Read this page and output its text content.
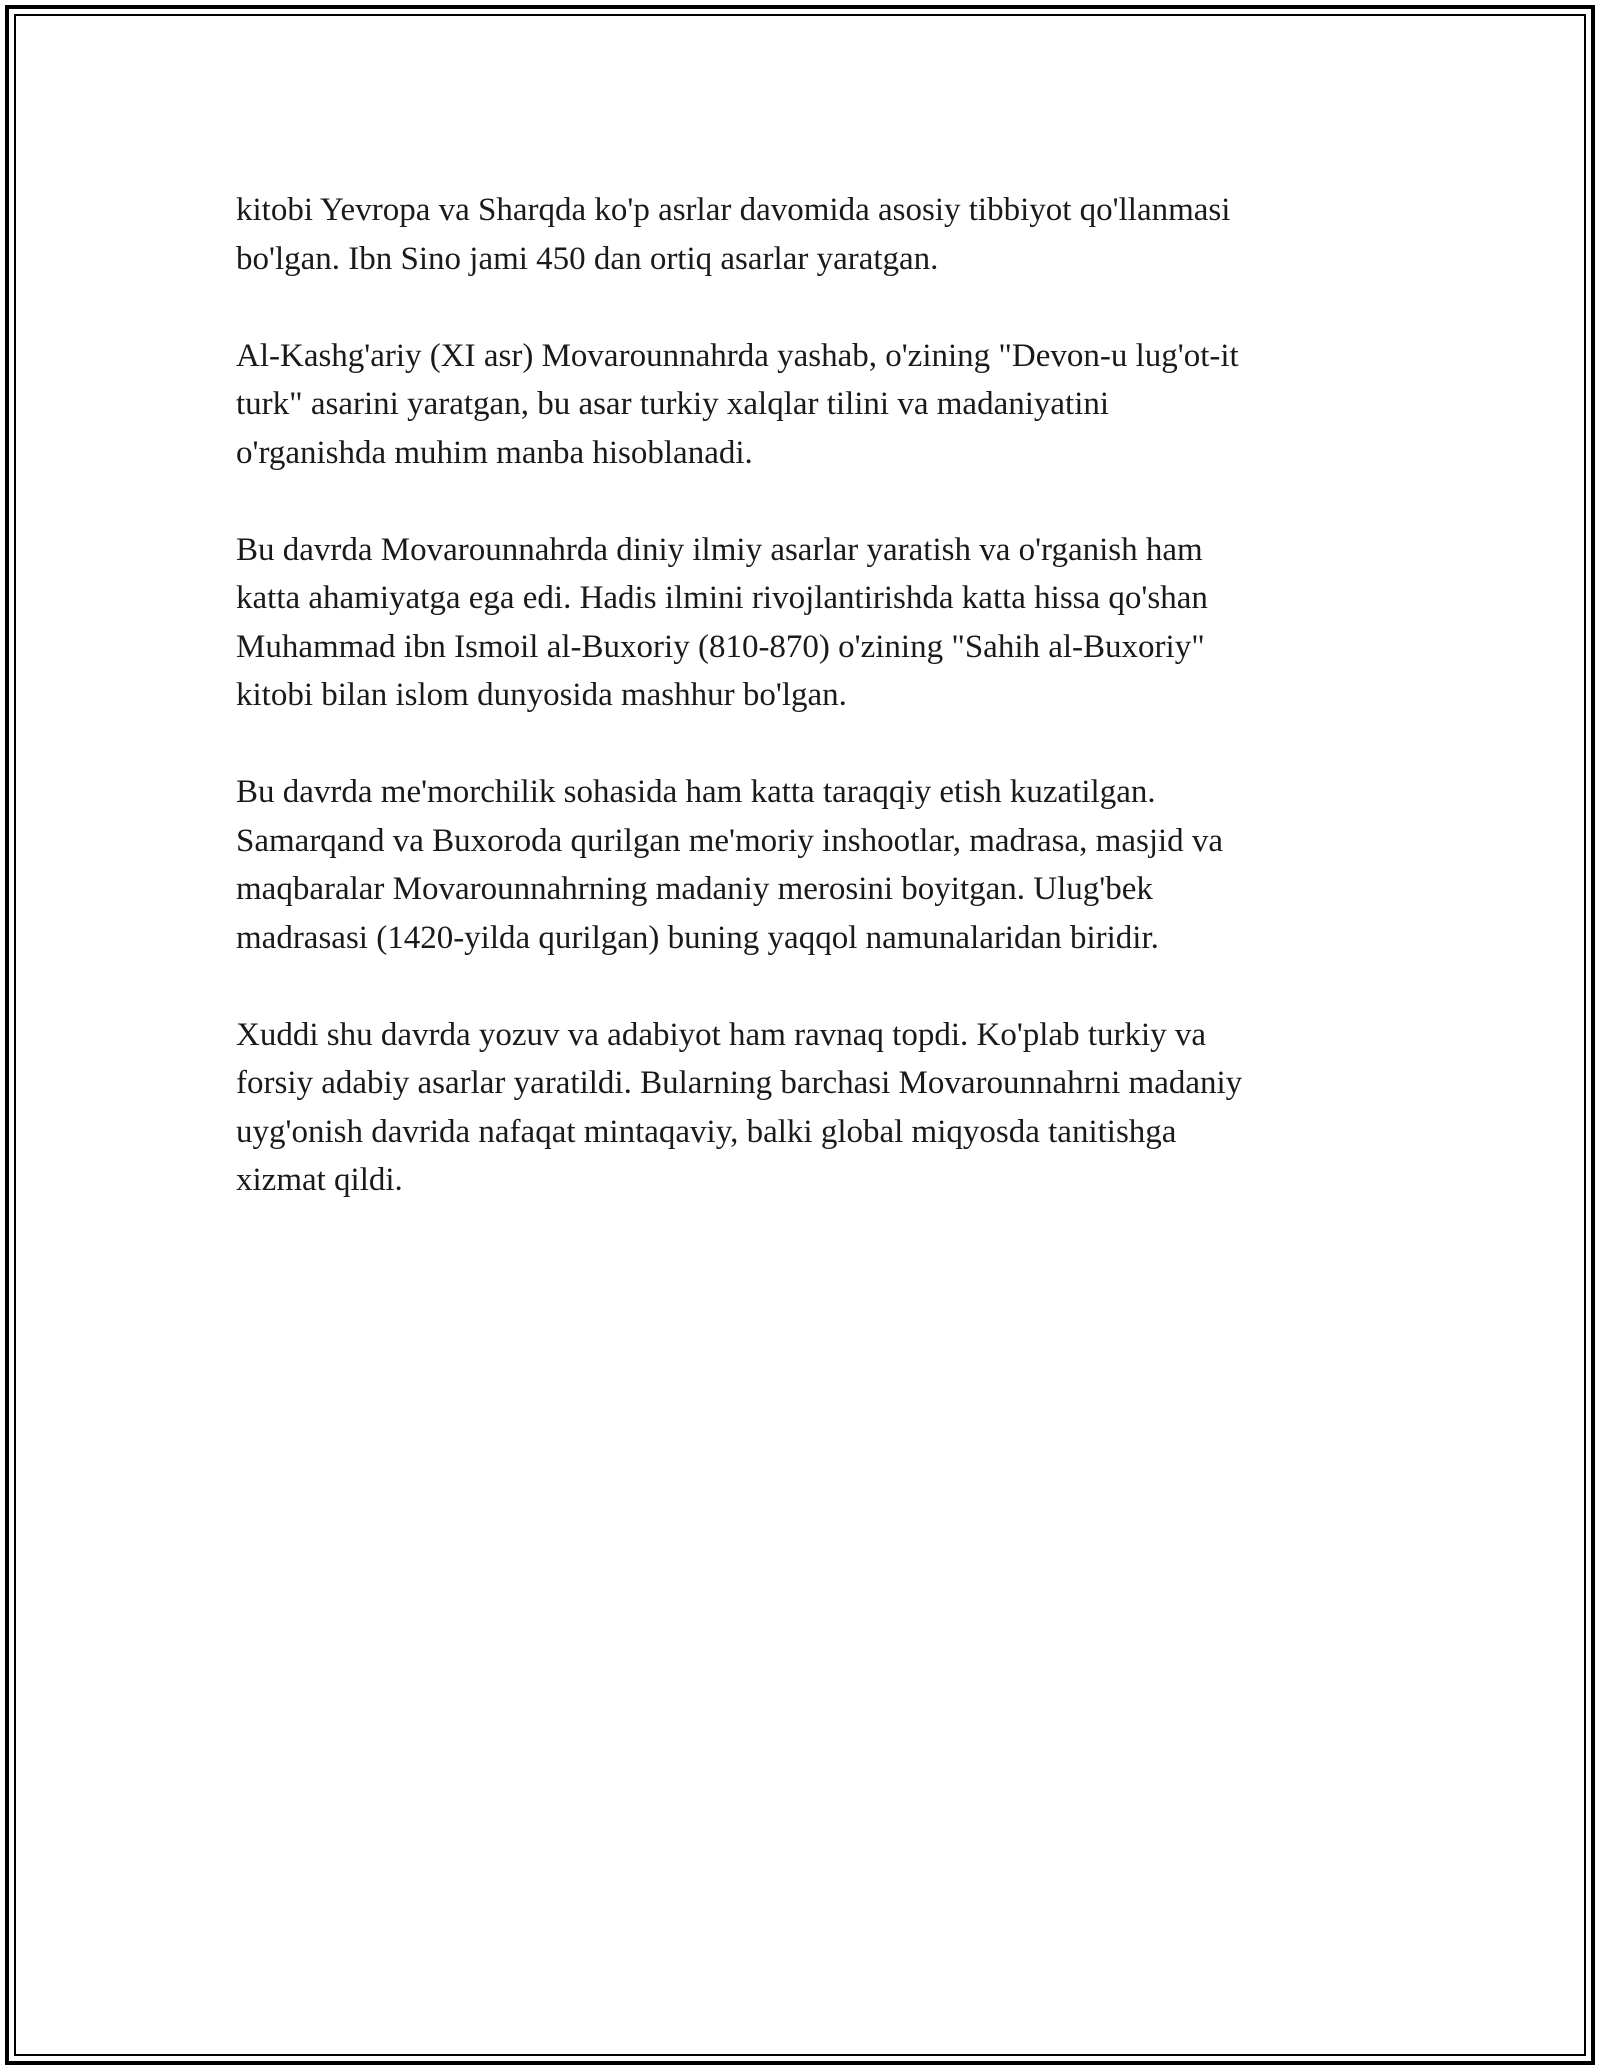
kitobi Yevropa va Sharqda ko'p asrlar davomida asosiy tibbiyot qo'llanmasi
bo'lgan. Ibn Sino jami 450 dan ortiq asarlar yaratgan.

Al-Kashg'ariy (XI asr) Movarounnahrda yashab, o'zining "Devon-u lug'ot-it
turk" asarini yaratgan, bu asar turkiy xalqlar tilini va madaniyatini
o'rganishda muhim manba hisoblanadi.

Bu davrda Movarounnahrda diniy ilmiy asarlar yaratish va o'rganish ham
katta ahamiyatga ega edi. Hadis ilmini rivojlantirishda katta hissa qo'shan
Muhammad ibn Ismoil al-Buxoriy (810-870) o'zining "Sahih al-Buxoriy"
kitobi bilan islom dunyosida mashhur bo'lgan.

Bu davrda me'morchilik sohasida ham katta taraqqiy etish kuzatilgan.
Samarqand va Buxoroda qurilgan me'moriy inshootlar, madrasa, masjid va
maqbaralar Movarounnahrning madaniy merosini boyitgan. Ulug'bek
madrasasi (1420-yilda qurilgan) buning yaqqol namunalaridan biridir.

Xuddi shu davrda yozuv va adabiyot ham ravnaq topdi. Ko'plab turkiy va
forsiy adabiy asarlar yaratildi. Bularning barchasi Movarounnahrni madaniy
uyg'onish davrida nafaqat mintaqaviy, balki global miqyosda tanitishga
xizmat qildi.
